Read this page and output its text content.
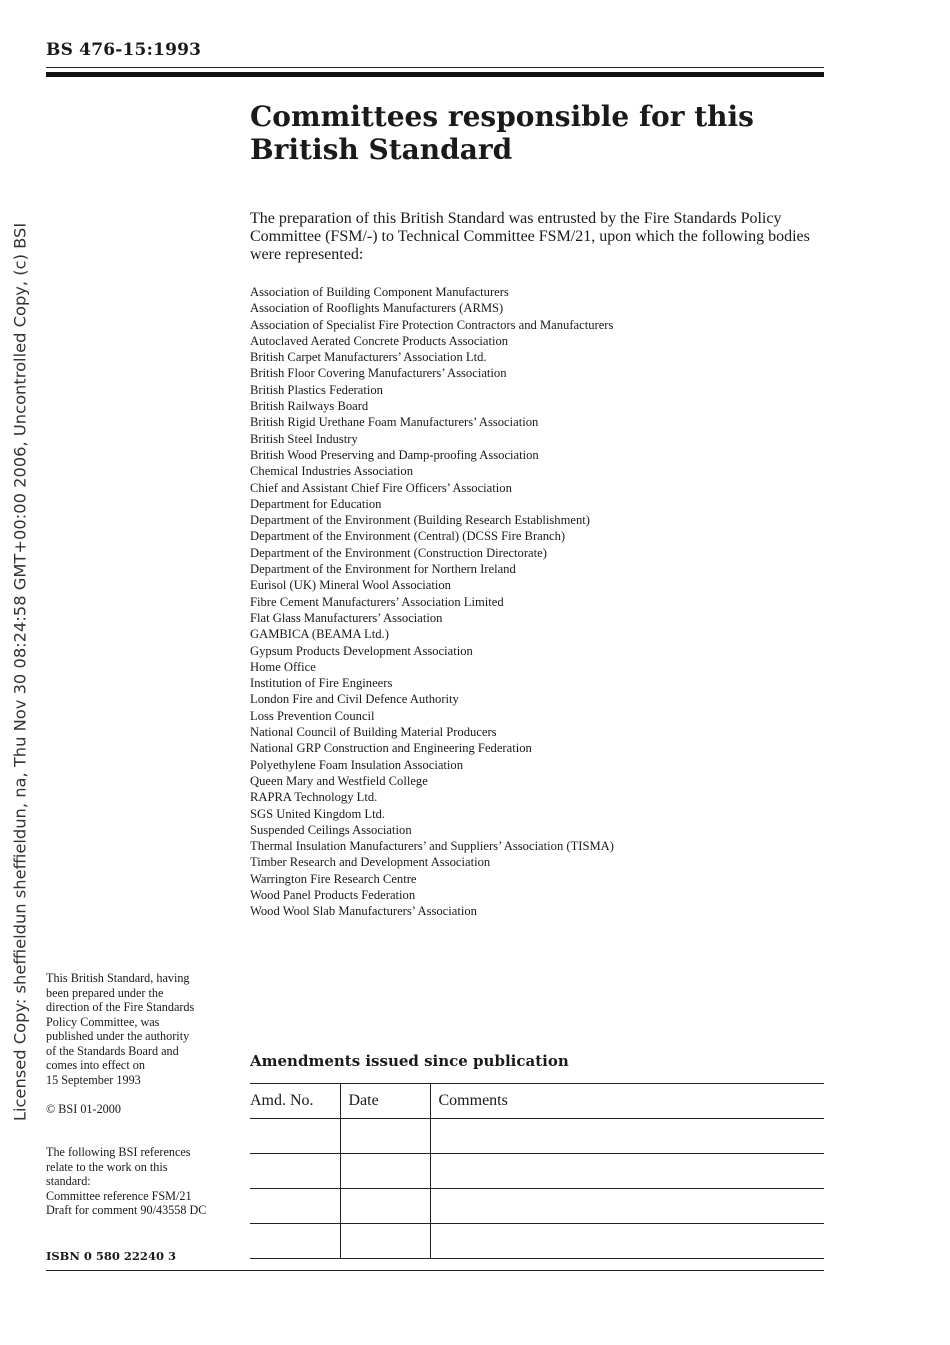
BS 476-15:1993
Licensed Copy: sheffieldun sheffieldun, na, Thu Nov 30 08:24:58 GMT+00:00 2006, Uncontrolled Copy, (c) BSI
Committees responsible for this
British Standard
The preparation of this British Standard was entrusted by the Fire Standards Policy Committee (FSM/-) to Technical Committee FSM/21, upon which the following bodies were represented:
Association of Building Component Manufacturers
Association of Rooflights Manufacturers (ARMS)
Association of Specialist Fire Protection Contractors and Manufacturers
Autoclaved Aerated Concrete Products Association
British Carpet Manufacturers’ Association Ltd.
British Floor Covering Manufacturers’ Association
British Plastics Federation
British Railways Board
British Rigid Urethane Foam Manufacturers’ Association
British Steel Industry
British Wood Preserving and Damp-proofing Association
Chemical Industries Association
Chief and Assistant Chief Fire Officers’ Association
Department for Education
Department of the Environment (Building Research Establishment)
Department of the Environment (Central) (DCSS Fire Branch)
Department of the Environment (Construction Directorate)
Department of the Environment for Northern Ireland
Eurisol (UK) Mineral Wool Association
Fibre Cement Manufacturers’ Association Limited
Flat Glass Manufacturers’ Association
GAMBICA (BEAMA Ltd.)
Gypsum Products Development Association
Home Office
Institution of Fire Engineers
London Fire and Civil Defence Authority
Loss Prevention Council
National Council of Building Material Producers
National GRP Construction and Engineering Federation
Polyethylene Foam Insulation Association
Queen Mary and Westfield College
RAPRA Technology Ltd.
SGS United Kingdom Ltd.
Suspended Ceilings Association
Thermal Insulation Manufacturers’ and Suppliers’ Association (TISMA)
Timber Research and Development Association
Warrington Fire Research Centre
Wood Panel Products Federation
Wood Wool Slab Manufacturers’ Association
This British Standard, having
been prepared under the
direction of the Fire Standards
Policy Committee, was
published under the authority
of the Standards Board and
comes into effect on
15 September 1993
© BSI 01-2000
The following BSI references
relate to the work on this
standard:
Committee reference FSM/21
Draft for comment 90/43558 DC
Amendments issued since publication
Amd. No.	Date	Comments

ISBN 0 580 22240 3
